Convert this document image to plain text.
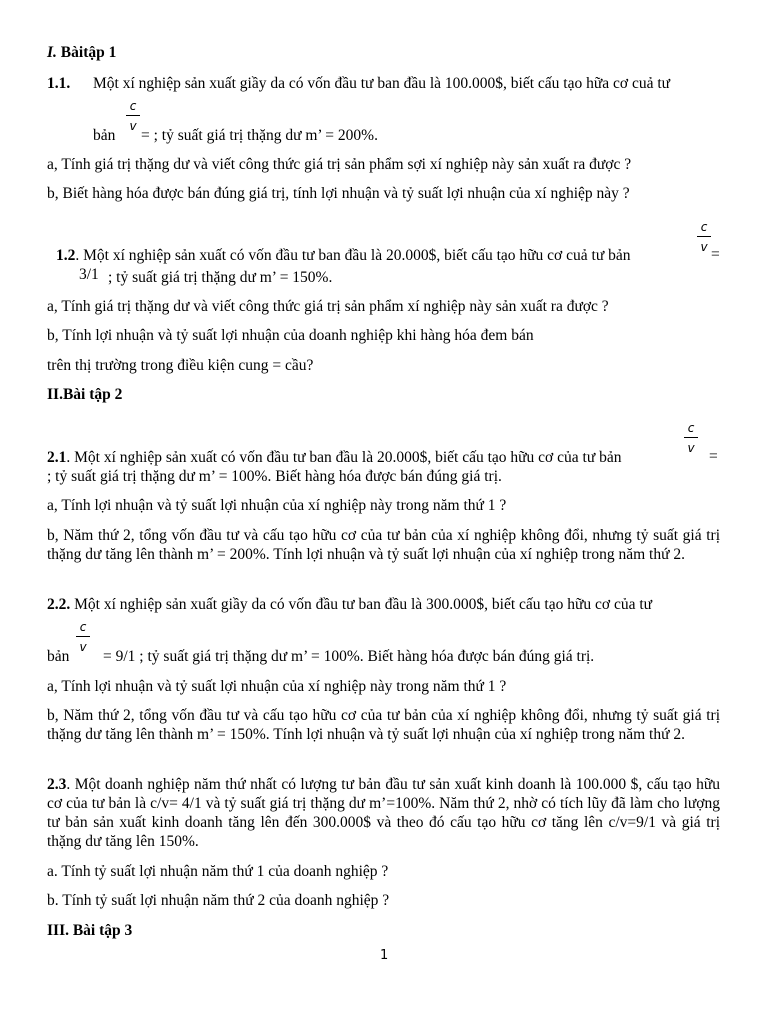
I. Bàitập 1
1.1. Một xí nghiệp sản xuất giầy da có vốn đầu tư ban đầu là 100.000$, biết cấu tạo hữa cơ cuả tư
$\frac{c}{v}$
bản = ; tỷ suất giá trị thặng dư m’ = 200%.
a, Tính giá trị thặng dư và viết công thức giá trị sản phẩm sợi xí nghiệp này sản xuất ra được ?
b, Biết hàng hóa được bán đúng giá trị, tính lợi nhuận và tỷ suất lợi nhuận của xí nghiệp này ?
$\frac{c}{v}$
=
1.2. Một xí nghiệp sản xuất có vốn đầu tư ban đầu là 20.000$, biết cấu tạo hữu cơ cuả tư bản
3/1 ; tỷ suất giá trị thặng dư m’ = 150%.
a, Tính giá trị thặng dư và viết công thức giá trị sản phẩm xí nghiệp này sản xuất ra được ?
b, Tính lợi nhuận và tỷ suất lợi nhuận của doanh nghiệp khi hàng hóa đem bán
trên thị trường trong điều kiện cung = cầu?
II.Bài tập 2
$\frac{c}{v}$
=
2.1. Một xí nghiệp sản xuất có vốn đầu tư ban đầu là 20.000$, biết cấu tạo hữu cơ của tư bản
; tỷ suất giá trị thặng dư m’ = 100%. Biết hàng hóa được bán đúng giá trị.
a, Tính lợi nhuận và tỷ suất lợi nhuận của xí nghiệp này trong năm thứ 1 ?
b, Năm thứ 2, tổng vốn đầu tư và cấu tạo hữu cơ của tư bản của xí nghiệp không đổi, nhưng tỷ suất giá trị thặng dư tăng lên thành m’ = 200%. Tính lợi nhuận và tỷ suất lợi nhuận của xí nghiệp trong năm thứ 2.
2.2. Một xí nghiệp sản xuất giầy da có vốn đầu tư ban đầu là 300.000$, biết cấu tạo hữu cơ của tư
$\frac{c}{v}$
bản = 9/1 ; tỷ suất giá trị thặng dư m’ = 100%. Biết hàng hóa được bán đúng giá trị.
a, Tính lợi nhuận và tỷ suất lợi nhuận của xí nghiệp này trong năm thứ 1 ?
b, Năm thứ 2, tổng vốn đầu tư và cấu tạo hữu cơ của tư bản của xí nghiệp không đổi, nhưng tỷ suất giá trị thặng dư tăng lên thành m’ = 150%. Tính lợi nhuận và tỷ suất lợi nhuận của xí nghiệp trong năm thứ 2.
2.3. Một doanh nghiệp năm thứ nhất có lượng tư bản đầu tư sản xuất kinh doanh là 100.000 $, cấu tạo hữu cơ của tư bản là c/v= 4/1 và tỷ suất giá trị thặng dư m’=100%. Năm thứ 2, nhờ có tích lũy đã làm cho lượng tư bản sản xuất kinh doanh tăng lên đến 300.000$ và theo đó cấu tạo hữu cơ tăng lên c/v=9/1 và giá trị thặng dư tăng lên 150%.
a. Tính tỷ suất lợi nhuận năm thứ 1 của doanh nghiệp ?
b. Tính tỷ suất lợi nhuận năm thứ 2 của doanh nghiệp ?
III. Bài tập 3
1
